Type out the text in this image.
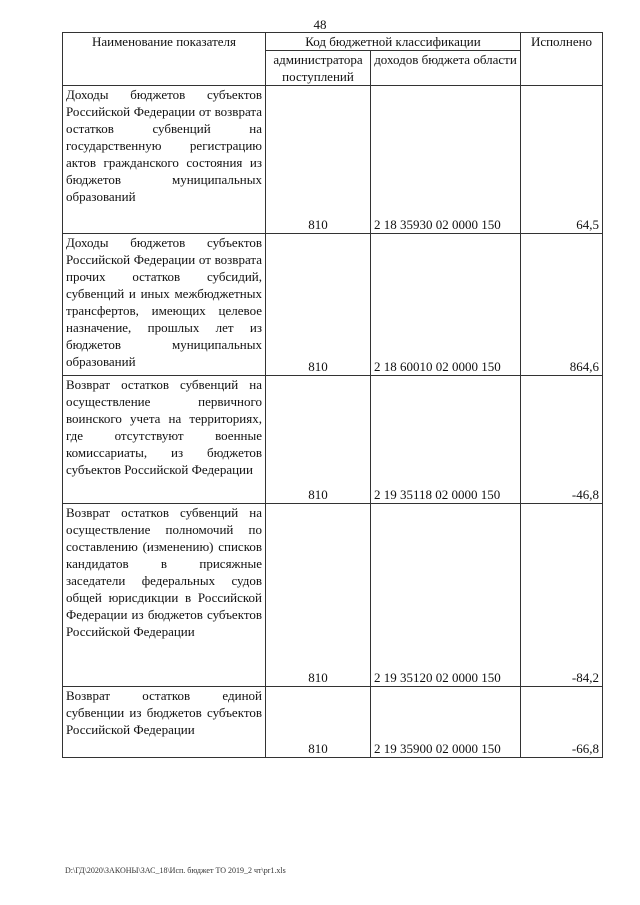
48
Наименование показателя	Код бюджетной классификации		Исполнено
	администратора поступлений	доходов бюджета области	
Доходы бюджетов субъектов Российской Федерации от возврата остатков субвенций на государственную регистрацию актов гражданского состояния из бюджетов муниципальных образований	810	2 18 35930 02 0000 150	64,5
Доходы бюджетов субъектов Российской Федерации от возврата прочих остатков субсидий, субвенций и иных межбюджетных трансфертов, имеющих целевое назначение, прошлых лет из бюджетов муниципальных образований	810	2 18 60010 02 0000 150	864,6
Возврат остатков субвенций на осуществление первичного воинского учета на территориях, где отсутствуют военные комиссариаты, из бюджетов субъектов Российской Федерации	810	2 19 35118 02 0000 150	-46,8
Возврат остатков субвенций на осуществление полномочий по составлению (изменению) списков кандидатов в присяжные заседатели федеральных судов общей юрисдикции в Российской Федерации из бюджетов субъектов Российской Федерации	810	2 19 35120 02 0000 150	-84,2
Возврат остатков единой субвенции из бюджетов субъектов Российской Федерации	810	2 19 35900 02 0000 150	-66,8
D:\ГД\2020\ЗАКОНЫ\ЗАС_18\Исп. бюджет ТО 2019_2 чт\pr1.xls
